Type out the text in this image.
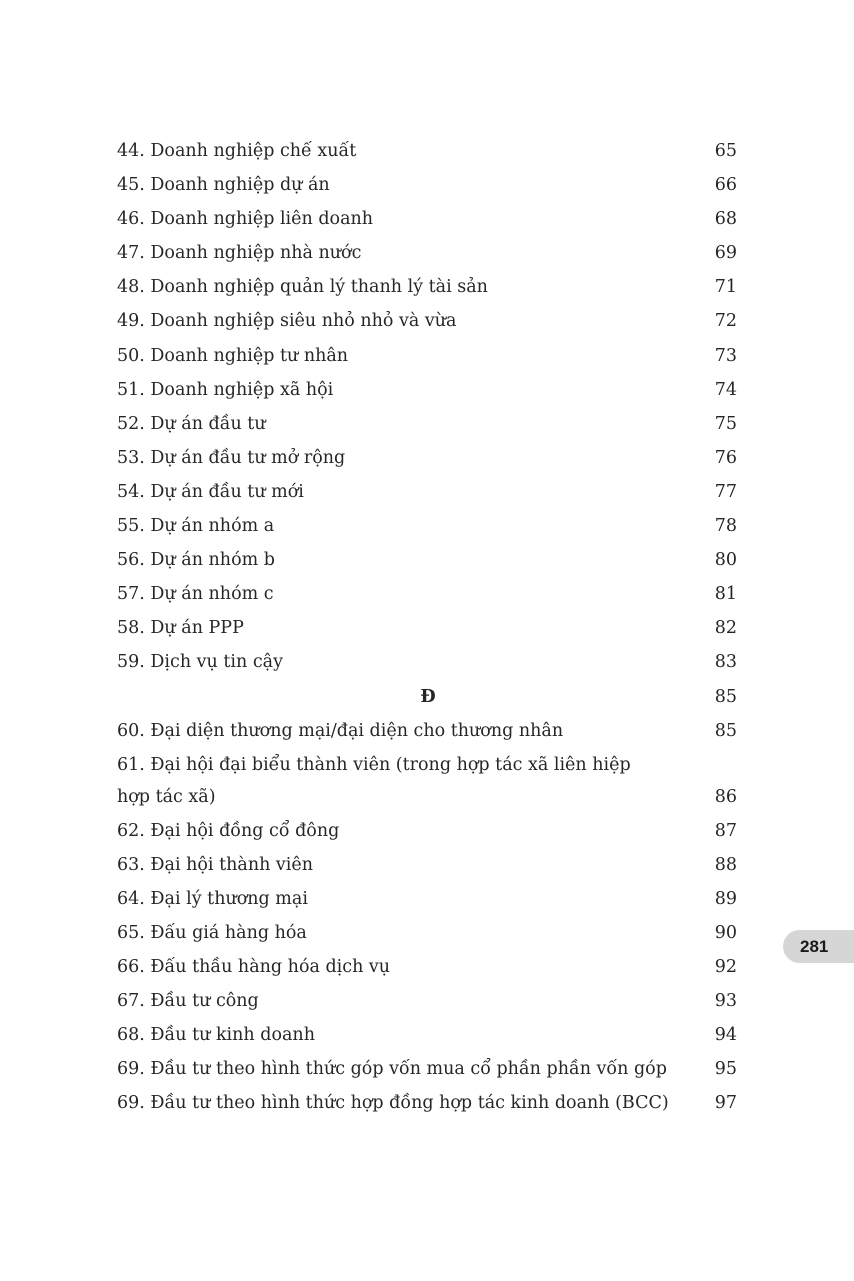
44. Doanh nghiệp chế xuất	65
45. Doanh nghiệp dự án	66
46. Doanh nghiệp liên doanh	68
47. Doanh nghiệp nhà nước	69
48. Doanh nghiệp quản lý thanh lý tài sản	71
49. Doanh nghiệp siêu nhỏ nhỏ và vừa	72
50. Doanh nghiệp tư nhân	73
51. Doanh nghiệp xã hội	74
52. Dự án đầu tư	75
53. Dự án đầu tư mở rộng	76
54. Dự án đầu tư mới	77
55. Dự án nhóm a	78
56. Dự án nhóm b	80
57. Dự án nhóm c	81
58. Dự án PPP	82
59. Dịch vụ tin cậy	83
Đ	85
60. Đại diện thương mại/đại diện cho thương nhân	85
61. Đại hội đại biểu thành viên (trong hợp tác xã liên hiệp hợp tác xã)	86
62. Đại hội đồng cổ đông	87
63. Đại hội thành viên	88
64. Đại lý thương mại	89
65. Đấu giá hàng hóa	90
66. Đấu thầu hàng hóa dịch vụ	92
67. Đầu tư công	93
68. Đầu tư kinh doanh	94
69. Đầu tư theo hình thức góp vốn mua cổ phần phần vốn góp	95
69. Đầu tư theo hình thức hợp đồng hợp tác kinh doanh (BCC)	97
281
